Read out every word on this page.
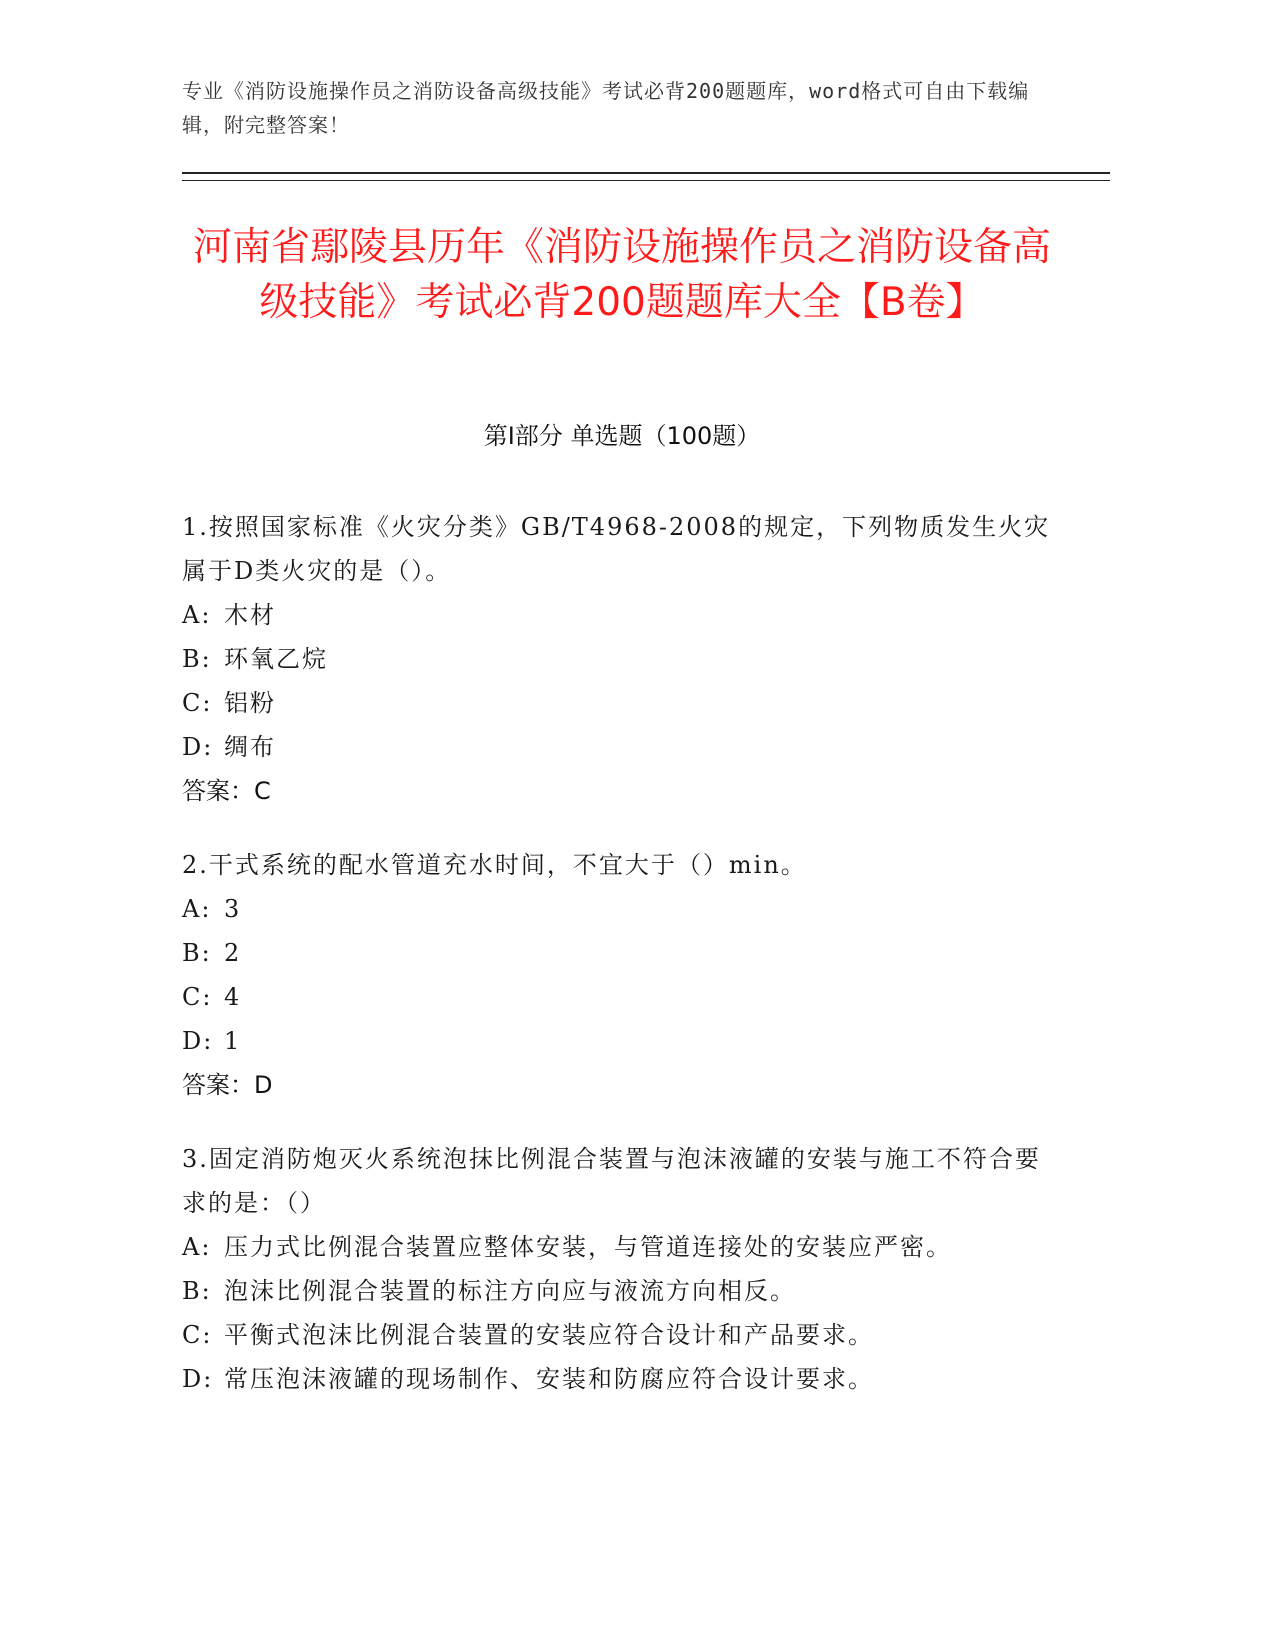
专业《消防设施操作员之消防设备高级技能》考试必背200题题库，word格式可自由下载编辑，附完整答案！
河南省鄢陵县历年《消防设施操作员之消防设备高级技能》考试必背200题题库大全【B卷】
第Ⅰ部分 单选题（100题）
1.按照国家标准《火灾分类》GB/T4968-2008的规定，下列物质发生火灾属于D类火灾的是（）。
A: 木材
B: 环氧乙烷
C: 铝粉
D: 绸布
答案：C
2.干式系统的配水管道充水时间，不宜大于（）min。
A: 3
B: 2
C: 4
D: 1
答案：D
3.固定消防炮灭火系统泡抹比例混合装置与泡沫液罐的安装与施工不符合要求的是：（）
A: 压力式比例混合装置应整体安装，与管道连接处的安装应严密。
B: 泡沫比例混合装置的标注方向应与液流方向相反。
C: 平衡式泡沫比例混合装置的安装应符合设计和产品要求。
D: 常压泡沫液罐的现场制作、安装和防腐应符合设计要求。
